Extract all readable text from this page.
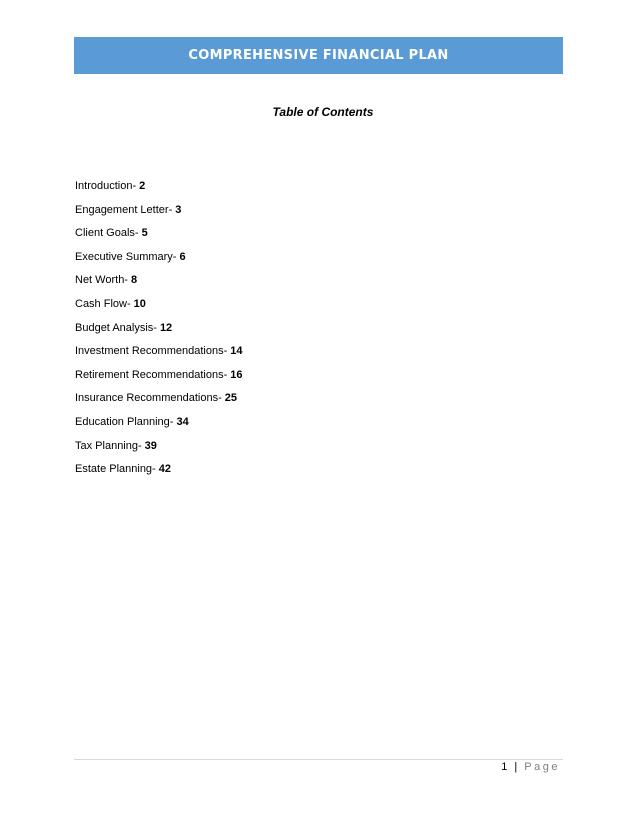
COMPREHENSIVE FINANCIAL PLAN
Table of Contents
Introduction- 2
Engagement Letter- 3
Client Goals- 5
Executive Summary- 6
Net Worth- 8
Cash Flow- 10
Budget Analysis- 12
Investment Recommendations- 14
Retirement Recommendations- 16
Insurance Recommendations- 25
Education Planning- 34
Tax Planning- 39
Estate Planning- 42
1 | Page
